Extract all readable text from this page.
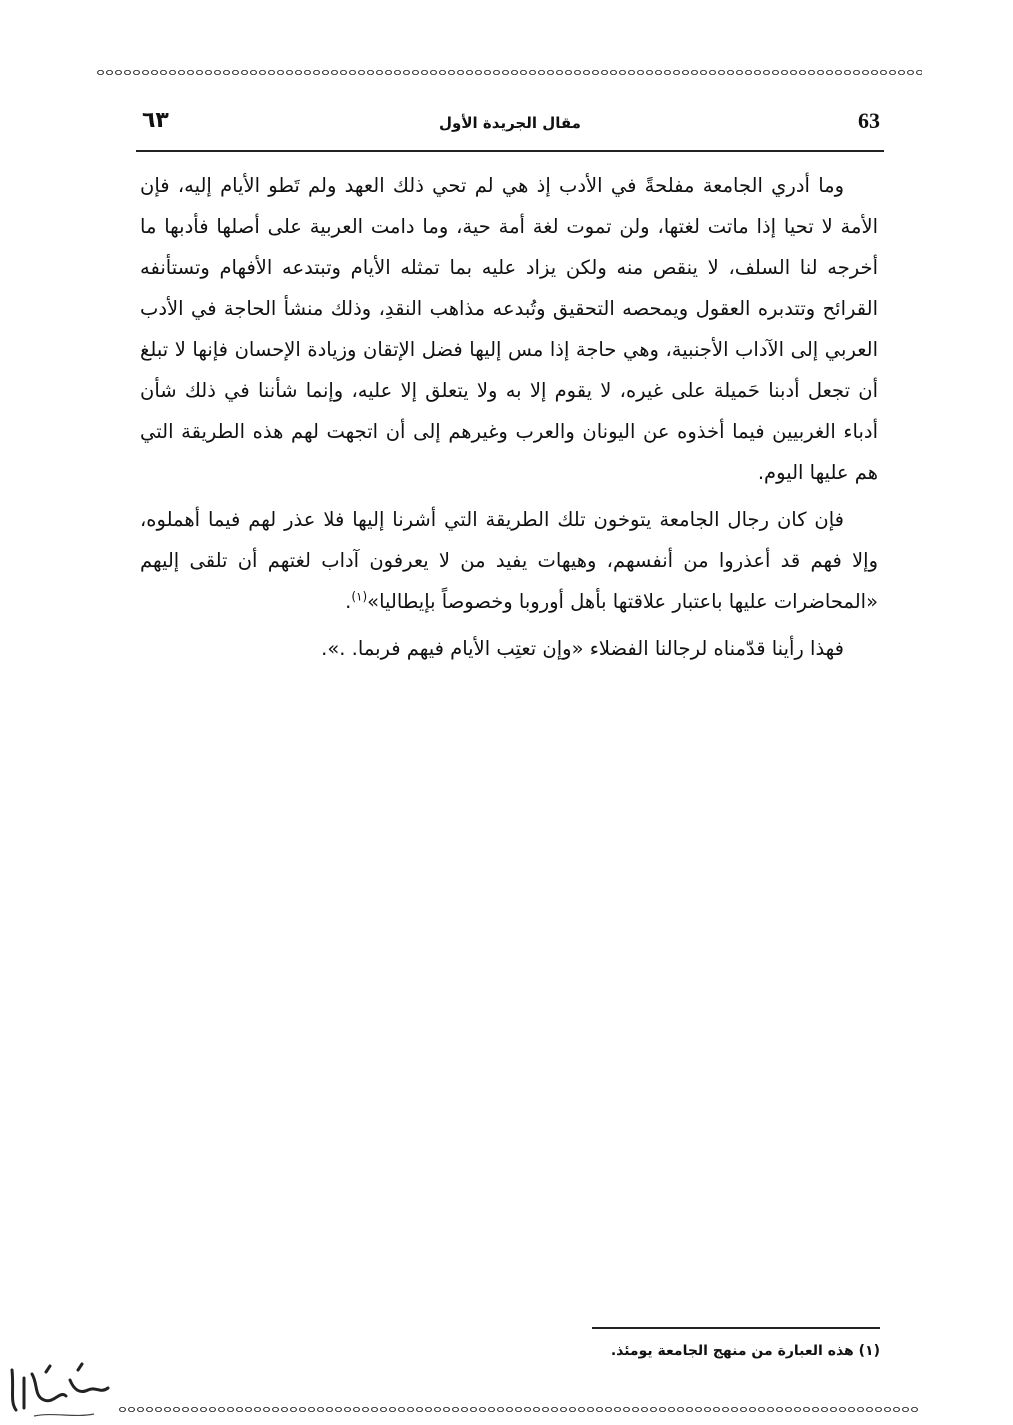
63
مقال الجريدة الأول
٦٣

وما أدري الجامعة مفلحةً في الأدب إذ هي لم تحي ذلك العهد ولم تَطو الأيام إليه، فإن الأمة لا تحيا إذا ماتت لغتها، ولن تموت لغة أمة حية، وما دامت العربية على أصلها فأدبها ما أخرجه لنا السلف، لا ينقص منه ولكن يزاد عليه بما تمثله الأيام وتبتدعه الأفهام وتستأنفه القرائح وتتدبره العقول ويمحصه التحقيق وتُبدعه مذاهب النقدِ، وذلك منشأ الحاجة في الأدب العربي إلى الآداب الأجنبية، وهي حاجة إذا مس إليها فضل الإتقان وزيادة الإحسان فإنها لا تبلغ أن تجعل أدبنا حَميلة على غيره، لا يقوم إلا به ولا يتعلق إلا عليه، وإنما شأننا في ذلك شأن أدباء الغربيين فيما أخذوه عن اليونان والعرب وغيرهم إلى أن اتجهت لهم هذه الطريقة التي هم عليها اليوم.

فإن كان رجال الجامعة يتوخون تلك الطريقة التي أشرنا إليها فلا عذر لهم فيما أهملوه، وإلا فهم قد أعذروا من أنفسهم، وهيهات يفيد من لا يعرفون آداب لغتهم أن تلقى إليهم «المحاضرات عليها باعتبار علاقتها بأهل أوروبا وخصوصاً بإيطاليا»$^{(١)}$.

فهذا رأينا قدّمناه لرجالنا الفضلاء «وإن تعتِب الأيام فيهم فربما. .».

(١) هذه العبارة من منهج الجامعة يومئذ.
